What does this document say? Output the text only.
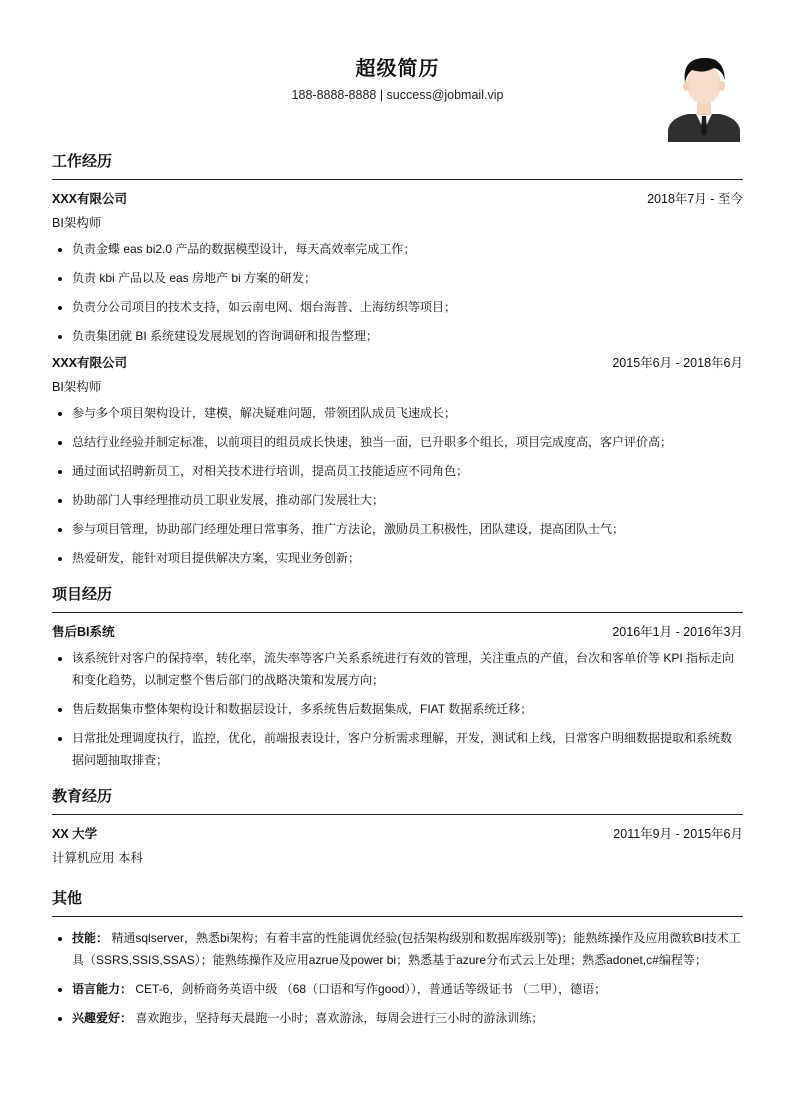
超级简历
188-8888-8888 | success@jobmail.vip
工作经历
XXX有限公司	2018年7月 - 至今
BI架构师
• 负责金蝶 eas bi2.0 产品的数据模型设计，每天高效率完成工作；
• 负责 kbi 产品以及 eas 房地产 bi 方案的研发；
• 负责分公司项目的技术支持，如云南电网、烟台海普、上海纺织等项目；
• 负责集团就 BI 系统建设发展规划的咨询调研和报告整理；
XXX有限公司	2015年6月 - 2018年6月
BI架构师
• 参与多个项目架构设计，建模，解决疑难问题，带领团队成员飞速成长；
• 总结行业经验并制定标准，以前项目的组员成长快速，独当一面，已升职多个组长，项目完成度高，客户评价高；
• 通过面试招聘新员工，对相关技术进行培训，提高员工技能适应不同角色；
• 协助部门人事经理推动员工职业发展，推动部门发展壮大；
• 参与项目管理，协助部门经理处理日常事务，推广方法论，激励员工积极性，团队建设，提高团队士气；
• 热爱研发，能针对项目提供解决方案，实现业务创新；
项目经历
售后BI系统	2016年1月 - 2016年3月
• 该系统针对客户的保持率，转化率，流失率等客户关系系统进行有效的管理，关注重点的产值，台次和客单价等 KPI 指标走向和变化趋势，以制定整个售后部门的战略决策和发展方向；
• 售后数据集市整体架构设计和数据层设计，多系统售后数据集成，FIAT 数据系统迁移；
• 日常批处理调度执行，监控，优化，前端报表设计，客户分析需求理解，开发，测试和上线，日常客户明细数据提取和系统数据问题抽取排查；
教育经历
XX 大学	2011年9月 - 2015年6月
计算机应用 本科
其他
• 技能： 精通sqlserver，熟悉bi架构；有着丰富的性能调优经验(包括架构级别和数据库级别等)；能熟练操作及应用微软BI技术工具（SSRS,SSIS,SSAS）；能熟练操作及应用azrue及power bi；熟悉基于azure分布式云上处理；熟悉adonet,c#编程等；
• 语言能力： CET-6，剑桥商务英语中级 （68（口语和写作good）），普通话等级证书 （二甲），德语；
• 兴趣爱好： 喜欢跑步，坚持每天晨跑一小时；喜欢游泳，每周会进行三小时的游泳训练；
